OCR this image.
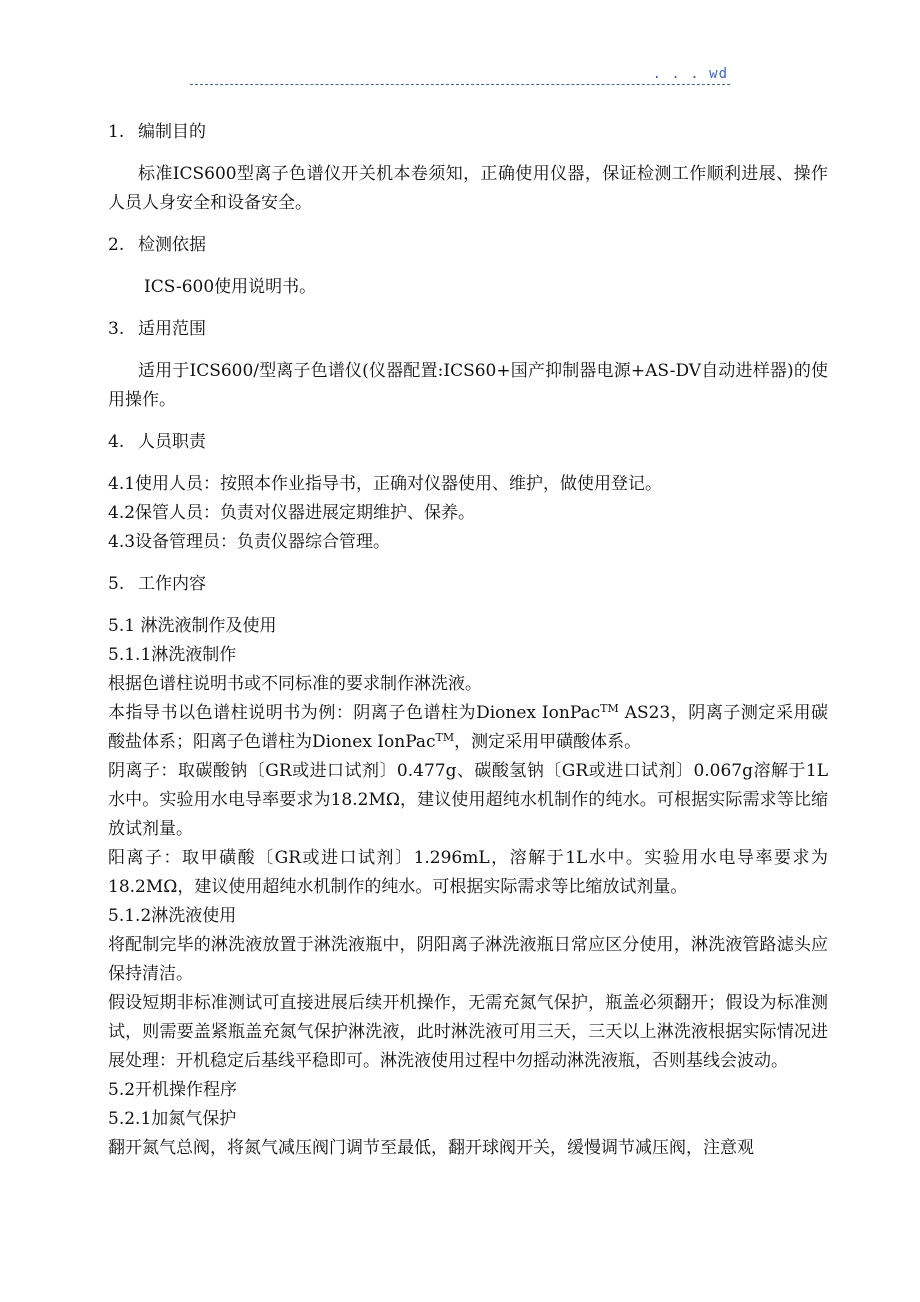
. . . wd

1. 编制目的

标准ICS600型离子色谱仪开关机本卷须知，正确使用仪器，保证检测工作顺利进展、操作人员人身安全和设备安全。

2. 检测依据

ICS-600使用说明书。

3. 适用范围

适用于ICS600/型离子色谱仪(仪器配置:ICS60+国产抑制器电源+AS-DV自动进样器)的使用操作。

4. 人员职责

4.1使用人员：按照本作业指导书，正确对仪器使用、维护，做使用登记。

4.2保管人员：负责对仪器进展定期维护、保养。

4.3设备管理员：负责仪器综合管理。

5. 工作内容

5.1 淋洗液制作及使用

5.1.1淋洗液制作

根据色谱柱说明书或不同标准的要求制作淋洗液。

本指导书以色谱柱说明书为例：阴离子色谱柱为Dionex IonPac™ AS23，阴离子测定采用碳酸盐体系；阳离子色谱柱为Dionex IonPac™，测定采用甲磺酸体系。

阴离子：取碳酸钠〔GR或进口试剂〕0.477g、碳酸氢钠〔GR或进口试剂〕0.067g溶解于1L水中。实验用水电导率要求为18.2MΩ，建议使用超纯水机制作的纯水。可根据实际需求等比缩放试剂量。

阳离子：取甲磺酸〔GR或进口试剂〕1.296mL，溶解于1L水中。实验用水电导率要求为18.2MΩ，建议使用超纯水机制作的纯水。可根据实际需求等比缩放试剂量。

5.1.2淋洗液使用

将配制完毕的淋洗液放置于淋洗液瓶中，阴阳离子淋洗液瓶日常应区分使用，淋洗液管路滤头应保持清洁。

假设短期非标准测试可直接进展后续开机操作，无需充氮气保护，瓶盖必须翻开；假设为标准测试，则需要盖紧瓶盖充氮气保护淋洗液，此时淋洗液可用三天，三天以上淋洗液根据实际情况进展处理：开机稳定后基线平稳即可。淋洗液使用过程中勿摇动淋洗液瓶，否则基线会波动。

5.2开机操作程序

5.2.1加氮气保护

翻开氮气总阀，将氮气减压阀门调节至最低，翻开球阀开关，缓慢调节减压阀，注意观
